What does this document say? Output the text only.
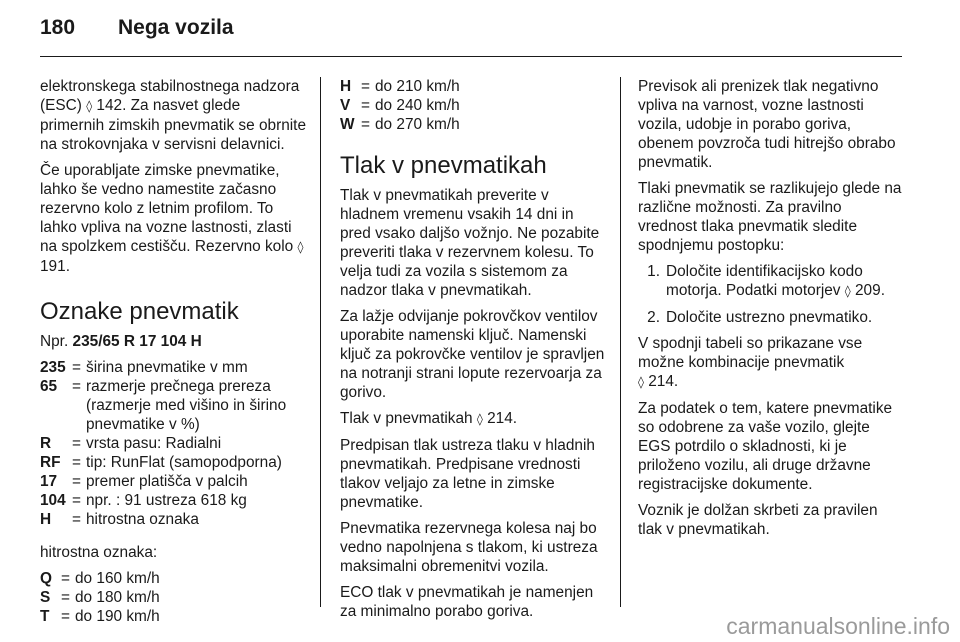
180	Nega vozila

elektronskega stabilnostnega nadzora (ESC) ◊ 142. Za nasvet glede primernih zimskih pnevmatik se obrnite na strokovnjaka v servisni delavnici.

Če uporabljate zimske pnevmatike, lahko še vedno namestite začasno rezervno kolo z letnim profilom. To lahko vpliva na vozne lastnosti, zlasti na spolzkem cestišču. Rezervno kolo ◊ 191.

Oznake pnevmatik

Npr. 235/65 R 17 104 H

235 = širina pnevmatike v mm
65 = razmerje prečnega prereza (razmerje med višino in širino pnevmatike v %)
R	= vrsta pasu: Radialni
RF = tip: RunFlat (samopodporna)
17 = premer platišča v palcih
104 = npr. : 91 ustreza 618 kg
H	= hitrostna oznaka

hitrostna oznaka:

Q = do 160 km/h
S = do 180 km/h
T = do 190 km/h
H = do 210 km/h
V = do 240 km/h
W = do 270 km/h
Tlak v pnevmatikah

Tlak v pnevmatikah preverite v hladnem vremenu vsakih 14 dni in pred vsako daljšo vožnjo. Ne pozabite preveriti tlaka v rezervnem kolesu. To velja tudi za vozila s sistemom za nadzor tlaka v pnevmatikah.

Za lažje odvijanje pokrovčkov ventilov uporabite namenski ključ. Namenski ključ za pokrovčke ventilov je spravljen na notranji strani lopute rezervoarja za gorivo.

Tlak v pnevmatikah ◊ 214.

Predpisan tlak ustreza tlaku v hladnih pnevmatikah. Predpisane vrednosti tlakov veljajo za letne in zimske pnevmatike.

Pnevmatika rezervnega kolesa naj bo vedno napolnjena s tlakom, ki ustreza maksimalni obremenitvi vozila.

ECO tlak v pnevmatikah je namenjen za minimalno porabo goriva.

Previsok ali prenizek tlak negativno vpliva na varnost, vozne lastnosti vozila, udobje in porabo goriva, obenem povzroča tudi hitrejšo obrabo pnevmatik.

Tlaki pnevmatik se razlikujejo glede na različne možnosti. Za pravilno vrednost tlaka pnevmatik sledite spodnjemu postopku:

1. Določite identifikacijsko kodo motorja. Podatki motorjev ◊ 209.
2. Določite ustrezno pnevmatiko.

V spodnji tabeli so prikazane vse možne kombinacije pnevmatik
◊ 214.

Za podatek o tem, katere pnevmatike so odobrene za vaše vozilo, glejte EGS potrdilo o skladnosti, ki je priloženo vozilu, ali druge državne registracijske dokumente.

Voznik je dolžan skrbeti za pravilen tlak v pnevmatikah.

carmanualsonline.info
